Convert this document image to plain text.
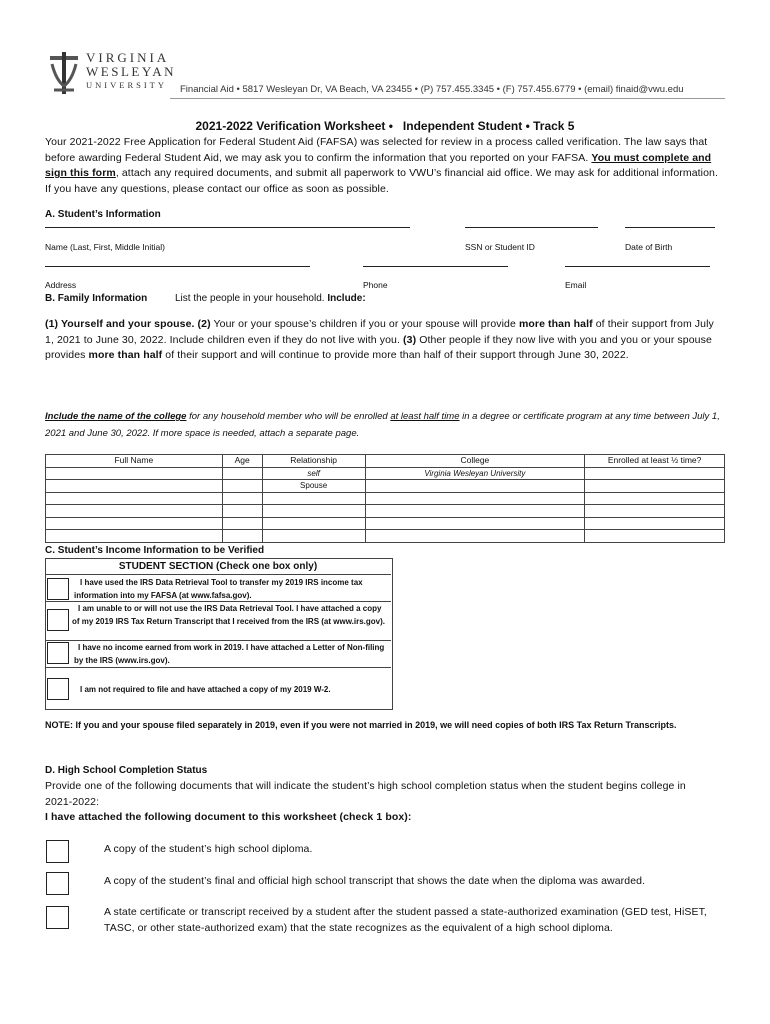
VIRGINIA
WESLEYAN
UNIVERSITY Financial Aid • 5817 Wesleyan Dr, VA Beach, VA 23455 • (P) 757.455.3345 • (F) 757.455.6779 • (email) finaid@vwu.edu
2021-2022 Verification Worksheet •   Independent Student • Track 5
Your 2021-2022 Free Application for Federal Student Aid (FAFSA) was selected for review in a process called verification. The law says that before awarding Federal Student Aid, we may ask you to confirm the information that you reported on your FAFSA. You must complete and sign this form, attach any required documents, and submit all paperwork to VWU’s financial aid office. We may ask for additional information. If you have any questions, please contact our office as soon as possible.
A. Student’s Information
Name (Last, First, Middle Initial)	SSN or Student ID	Date of Birth
Address	Phone	Email
B. Family Information	List the people in your household. Include:
(1) Yourself and your spouse. (2) Your or your spouse’s children if you or your spouse will provide more than half of their support from July 1, 2021 to June 30, 2022. Include children even if they do not live with you. (3) Other people if they now live with you and you or your spouse provides more than half of their support and will continue to provide more than half of their support through June 30, 2022.
Include the name of the college for any household member who will be enrolled at least half time in a degree or certificate program at any time between July 1, 2021 and June 30, 2022. If more space is needed, attach a separate page.
Full Name	Age	Relationship	College	Enrolled at least ½ time?
		self	Virginia Wesleyan University	
		Spouse		

C. Student’s Income Information to be Verified
STUDENT SECTION (Check one box only)
I have used the IRS Data Retrieval Tool to transfer my 2019 IRS income tax information into my FAFSA (at www.fafsa.gov).
I am unable to or will not use the IRS Data Retrieval Tool. I have attached a copy of my 2019 IRS Tax Return Transcript that I received from the IRS (at www.irs.gov).
I have no income earned from work in 2019. I have attached a Letter of Non-filing by the IRS (www.irs.gov).
I am not required to file and have attached a copy of my 2019 W-2.
NOTE: If you and your spouse filed separately in 2019, even if you were not married in 2019, we will need copies of both IRS Tax Return Transcripts.
D. High School Completion Status
Provide one of the following documents that will indicate the student’s high school completion status when the student begins college in 2021-2022:
I have attached the following document to this worksheet (check 1 box):
A copy of the student’s high school diploma.
A copy of the student’s final and official high school transcript that shows the date when the diploma was awarded.
A state certificate or transcript received by a student after the student passed a state-authorized examination (GED test, HiSET, TASC, or other state-authorized exam) that the state recognizes as the equivalent of a high school diploma.
